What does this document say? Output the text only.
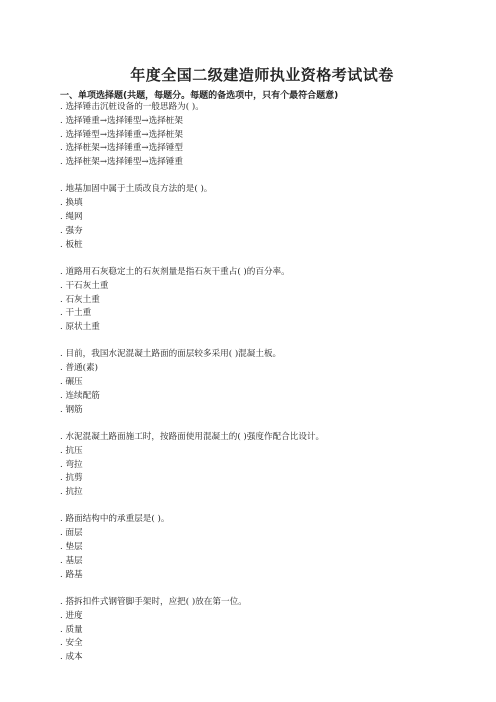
年度全国二级建造师执业资格考试试卷
一、单项选择题(共题，每题分。每题的备选项中，只有个最符合题意)
. 选择锤击沉桩设备的一般思路为( )。
. 选择锤重→选择锤型→选择桩架
. 选择锤型→选择锤重→选择桩架
. 选择桩架→选择锤重→选择锤型
. 选择桩架→选择锤型→选择锤重
. 地基加固中属于土质改良方法的是( )。
. 换填
. 绳网
. 强夯
. 板桩
. 道路用石灰稳定土的石灰剂量是指石灰干重占( )的百分率。
. 干石灰土重
. 石灰土重
. 干土重
. 原状土重
. 目前，我国水泥混凝土路面的面层较多采用( )混凝土板。
. 普通(素)
. 碾压
. 连续配筋
. 钢筋
. 水泥混凝土路面施工时，按路面使用混凝土的( )强度作配合比设计。
. 抗压
. 弯拉
. 抗剪
. 抗拉
. 路面结构中的承重层是( )。
. 面层
. 垫层
. 基层
. 路基
. 搭拆扣件式钢管脚手架时，应把( )放在第一位。
. 进度
. 质量
. 安全
. 成本
